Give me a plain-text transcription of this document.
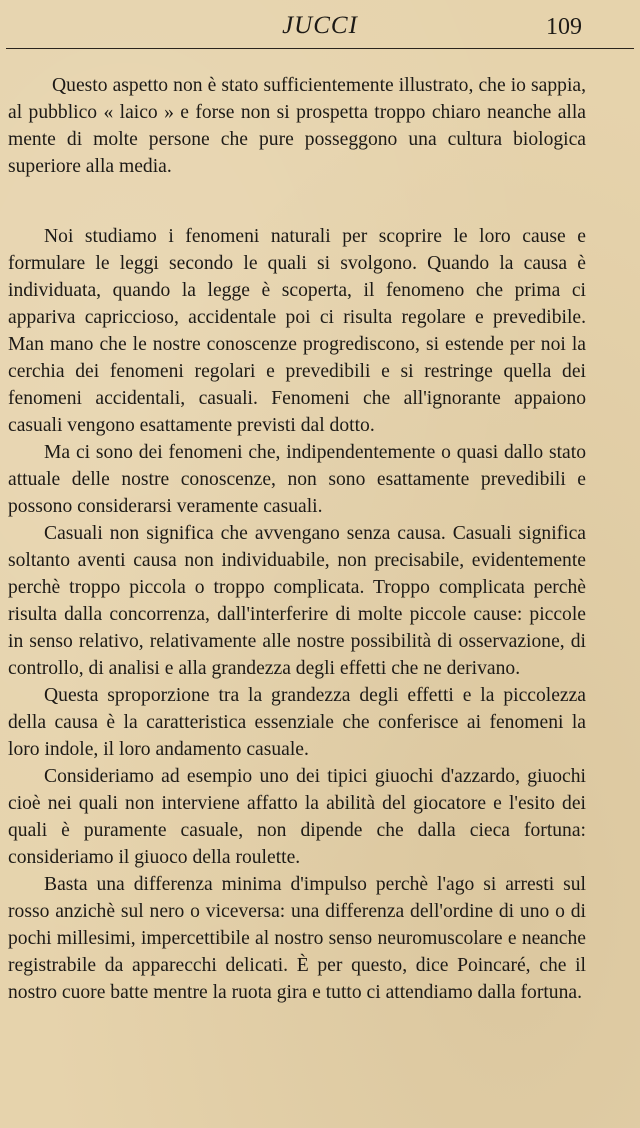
JUCCI	109

Questo aspetto non è stato sufficientemente illustrato, che io sappia, al pubblico « laico » e forse non si prospetta troppo chiaro neanche alla mente di molte persone che pure posseggono una cultura biologica superiore alla media.

Noi studiamo i fenomeni naturali per scoprire le loro cause e formulare le leggi secondo le quali si svolgono. Quando la causa è individuata, quando la legge è scoperta, il fenomeno che prima ci appariva capriccioso, accidentale poi ci risulta regolare e prevedibile. Man mano che le nostre conoscenze progrediscono, si estende per noi la cerchia dei fenomeni regolari e prevedibili e si restringe quella dei fenomeni accidentali, casuali. Fenomeni che all'ignorante appaiono casuali vengono esattamente previsti dal dotto.

Ma ci sono dei fenomeni che, indipendentemente o quasi dallo stato attuale delle nostre conoscenze, non sono esattamente prevedibili e possono considerarsi veramente casuali.

Casuali non significa che avvengano senza causa. Casuali significa soltanto aventi causa non individuabile, non precisabile, evidentemente perchè troppo piccola o troppo complicata. Troppo complicata perchè risulta dalla concorrenza, dall'interferire di molte piccole cause: piccole in senso relativo, relativamente alle nostre possibilità di osservazione, di controllo, di analisi e alla grandezza degli effetti che ne derivano.

Questa sproporzione tra la grandezza degli effetti e la piccolezza della causa è la caratteristica essenziale che conferisce ai fenomeni la loro indole, il loro andamento casuale.

Consideriamo ad esempio uno dei tipici giuochi d'azzardo, giuochi cioè nei quali non interviene affatto la abilità del giocatore e l'esito dei quali è puramente casuale, non dipende che dalla cieca fortuna: consideriamo il giuoco della roulette.

Basta una differenza minima d'impulso perchè l'ago si arresti sul rosso anzichè sul nero o viceversa: una differenza dell'ordine di uno o di pochi millesimi, impercettibile al nostro senso neuromuscolare e neanche registrabile da apparecchi delicati. È per questo, dice Poincaré, che il nostro cuore batte mentre la ruota gira e tutto ci attendiamo dalla fortuna.
